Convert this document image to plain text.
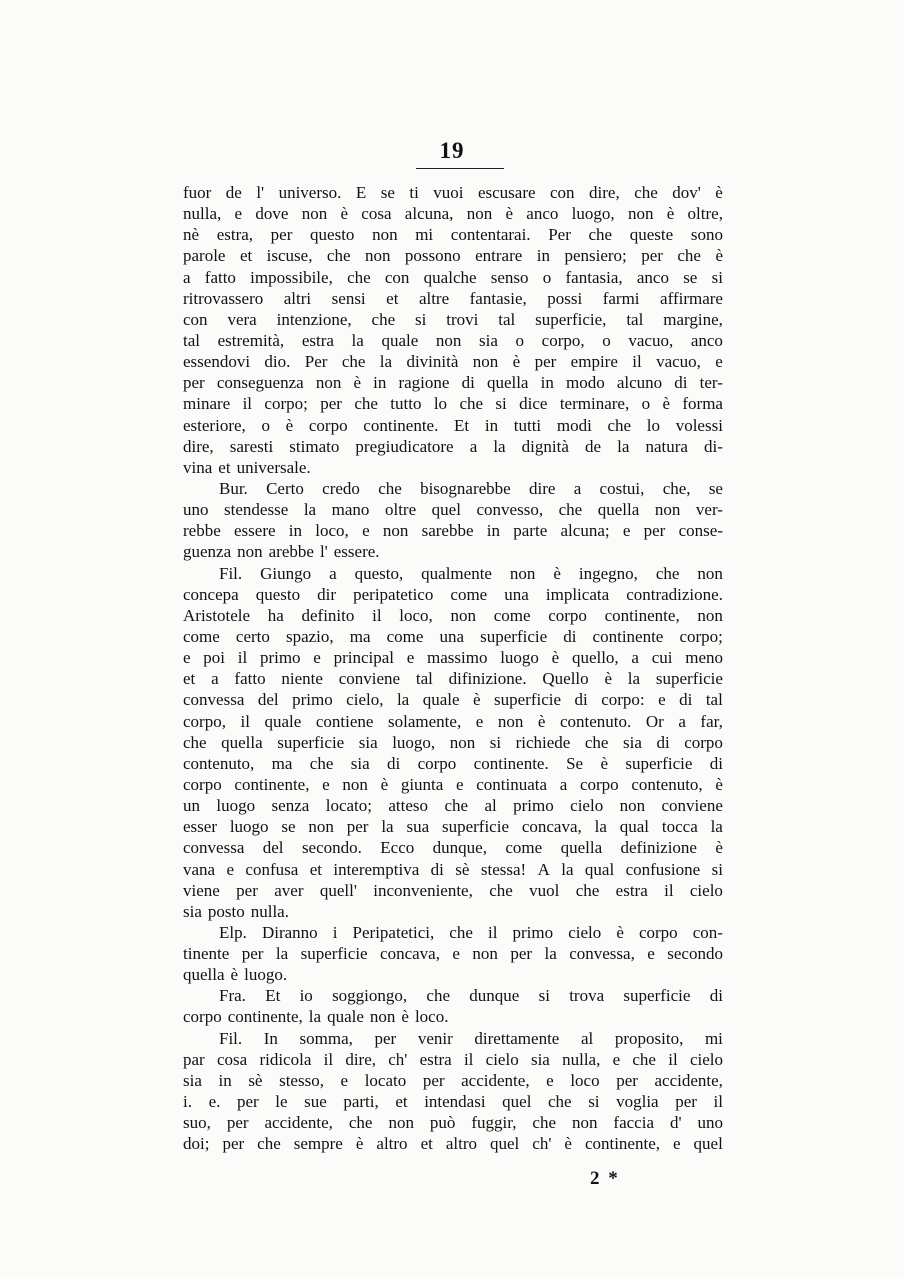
19
fuor de l' universo. E se ti vuoi escusare con dire, che dov' è
nulla, e dove non è cosa alcuna, non è anco luogo, non è oltre,
nè estra, per questo non mi contentarai. Per che queste sono
parole et iscuse, che non possono entrare in pensiero; per che è
a fatto impossibile, che con qualche senso o fantasia, anco se si
ritrovassero altri sensi et altre fantasie, possi farmi affirmare
con vera intenzione, che si trovi tal superficie, tal margine,
tal estremità, estra la quale non sia o corpo, o vacuo, anco
essendovi dio. Per che la divinità non è per empire il vacuo, e
per conseguenza non è in ragione di quella in modo alcuno di ter-
minare il corpo; per che tutto lo che si dice terminare, o è forma
esteriore, o è corpo continente. Et in tutti modi che lo volessi
dire, saresti stimato pregiudicatore a la dignità de la natura di-
vina et universale.
Bur. Certo credo che bisognarebbe dire a costui, che, se
uno stendesse la mano oltre quel convesso, che quella non ver-
rebbe essere in loco, e non sarebbe in parte alcuna; e per conse-
guenza non arebbe l' essere.
Fil. Giungo a questo, qualmente non è ingegno, che non
concepa questo dir peripatetico come una implicata contradizione.
Aristotele ha definito il loco, non come corpo continente, non
come certo spazio, ma come una superficie di continente corpo;
e poi il primo e principal e massimo luogo è quello, a cui meno
et a fatto niente conviene tal difinizione. Quello è la superficie
convessa del primo cielo, la quale è superficie di corpo: e di tal
corpo, il quale contiene solamente, e non è contenuto. Or a far,
che quella superficie sia luogo, non si richiede che sia di corpo
contenuto, ma che sia di corpo continente. Se è superficie di
corpo continente, e non è giunta e continuata a corpo contenuto, è
un luogo senza locato; atteso che al primo cielo non conviene
esser luogo se non per la sua superficie concava, la qual tocca la
convessa del secondo. Ecco dunque, come quella definizione è
vana e confusa et interemptiva di sè stessa! A la qual confusione si
viene per aver quell' inconveniente, che vuol che estra il cielo
sia posto nulla.
Elp. Diranno i Peripatetici, che il primo cielo è corpo con-
tinente per la superficie concava, e non per la convessa, e secondo
quella è luogo.
Fra. Et io soggiongo, che dunque si trova superficie di
corpo continente, la quale non è loco.
Fil. In somma, per venir direttamente al proposito, mi
par cosa ridicola il dire, ch' estra il cielo sia nulla, e che il cielo
sia in sè stesso, e locato per accidente, e loco per accidente,
i. e. per le sue parti, et intendasi quel che si voglia per il
suo, per accidente, che non può fuggir, che non faccia d' uno
doi; per che sempre è altro et altro quel ch' è continente, e quel
2 *
